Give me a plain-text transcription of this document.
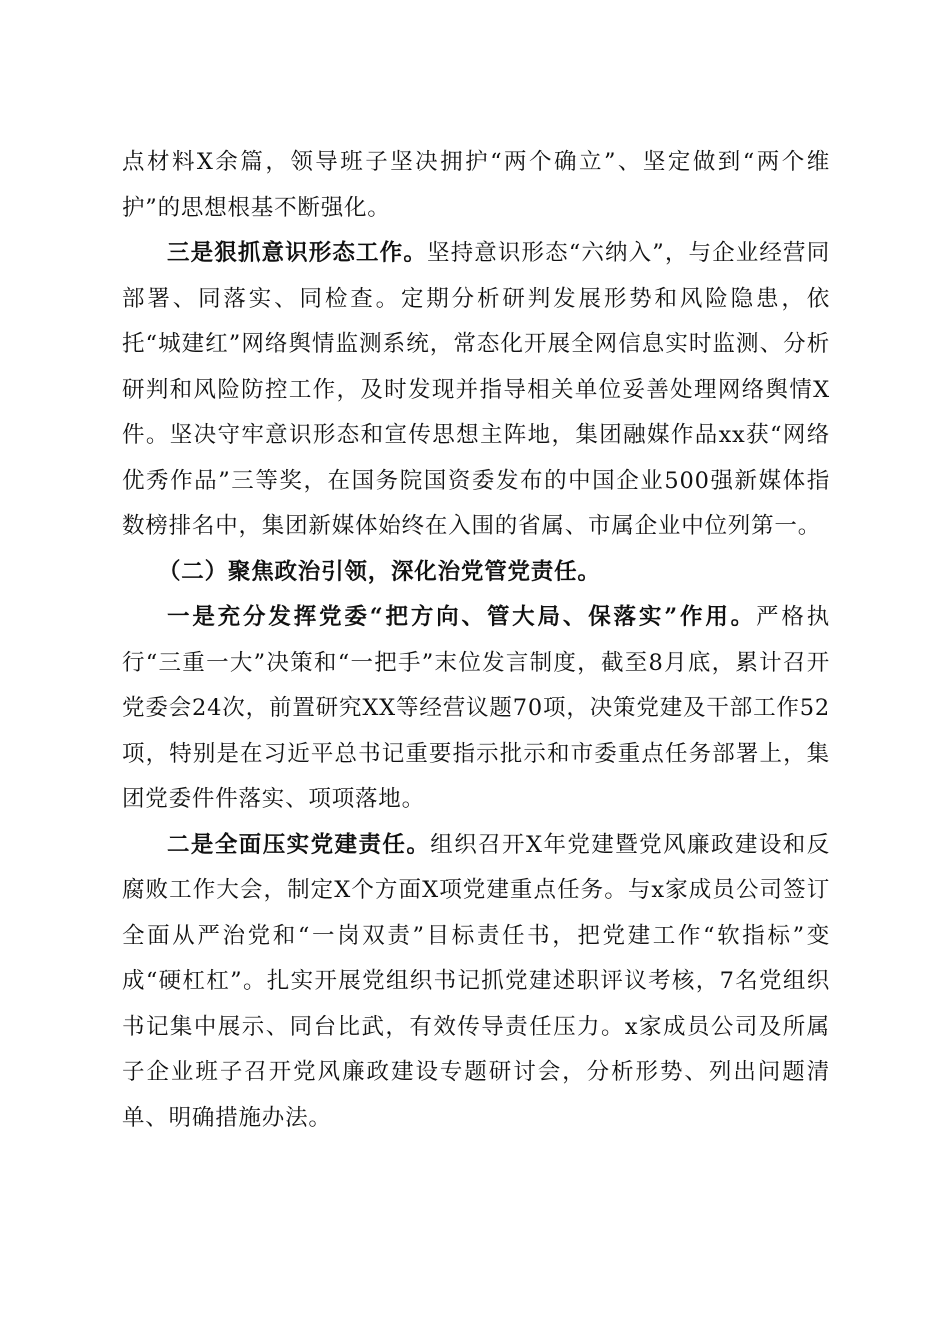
点材料X余篇，领导班子坚决拥护“两个确立”、坚定做到“两个维护”的思想根基不断强化。

三是狠抓意识形态工作。坚持意识形态“六纳入”，与企业经营同部署、同落实、同检查。定期分析研判发展形势和风险隐患，依托“城建红”网络舆情监测系统，常态化开展全网信息实时监测、分析研判和风险防控工作，及时发现并指导相关单位妥善处理网络舆情X件。坚决守牢意识形态和宣传思想主阵地，集团融媒作品xx获“网络优秀作品”三等奖，在国务院国资委发布的中国企业500强新媒体指数榜排名中，集团新媒体始终在入围的省属、市属企业中位列第一。

（二）聚焦政治引领，深化治党管党责任。

一是充分发挥党委“把方向、管大局、保落实”作用。严格执行“三重一大”决策和“一把手”末位发言制度，截至8月底，累计召开党委会24次，前置研究XX等经营议题70项，决策党建及干部工作52项，特别是在习近平总书记重要指示批示和市委重点任务部署上，集团党委件件落实、项项落地。

二是全面压实党建责任。组织召开X年党建暨党风廉政建设和反腐败工作大会，制定X个方面X项党建重点任务。与x家成员公司签订全面从严治党和“一岗双责”目标责任书，把党建工作“软指标”变成“硬杠杠”。扎实开展党组织书记抓党建述职评议考核，7名党组织书记集中展示、同台比武，有效传导责任压力。x家成员公司及所属子企业班子召开党风廉政建设专题研讨会，分析形势、列出问题清单、明确措施办法。
